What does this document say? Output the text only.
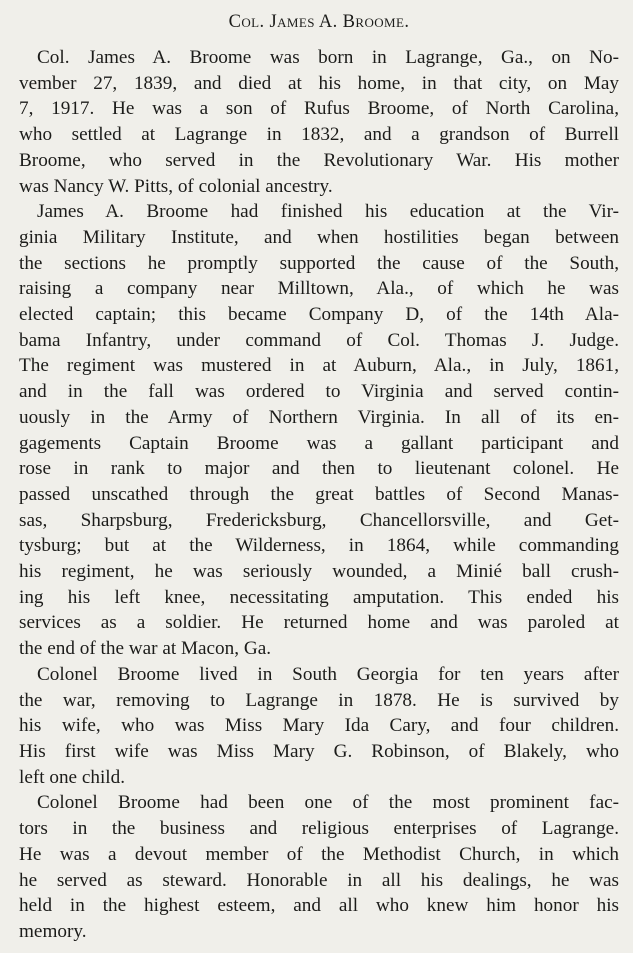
Col. James A. Broome.

Col. James A. Broome was born in Lagrange, Ga., on No-
vember 27, 1839, and died at his home, in that city, on May
7, 1917. He was a son of Rufus Broome, of North Carolina,
who settled at Lagrange in 1832, and a grandson of Burrell
Broome, who served in the Revolutionary War. His mother
was Nancy W. Pitts, of colonial ancestry.

James A. Broome had finished his education at the Vir-
ginia Military Institute, and when hostilities began between
the sections he promptly supported the cause of the South,
raising a company near Milltown, Ala., of which he was
elected captain; this became Company D, of the 14th Ala-
bama Infantry, under command of Col. Thomas J. Judge.
The regiment was mustered in at Auburn, Ala., in July, 1861,
and in the fall was ordered to Virginia and served contin-
uously in the Army of Northern Virginia. In all of its en-
gagements Captain Broome was a gallant participant and
rose in rank to major and then to lieutenant colonel. He
passed unscathed through the great battles of Second Manas-
sas, Sharpsburg, Fredericksburg, Chancellorsville, and Get-
tysburg; but at the Wilderness, in 1864, while commanding
his regiment, he was seriously wounded, a Minié ball crush-
ing his left knee, necessitating amputation. This ended his
services as a soldier. He returned home and was paroled at
the end of the war at Macon, Ga.

Colonel Broome lived in South Georgia for ten years after
the war, removing to Lagrange in 1878. He is survived by
his wife, who was Miss Mary Ida Cary, and four children.
His first wife was Miss Mary G. Robinson, of Blakely, who
left one child.

Colonel Broome had been one of the most prominent fac-
tors in the business and religious enterprises of Lagrange.
He was a devout member of the Methodist Church, in which
he served as steward. Honorable in all his dealings, he was
held in the highest esteem, and all who knew him honor his
memory.
